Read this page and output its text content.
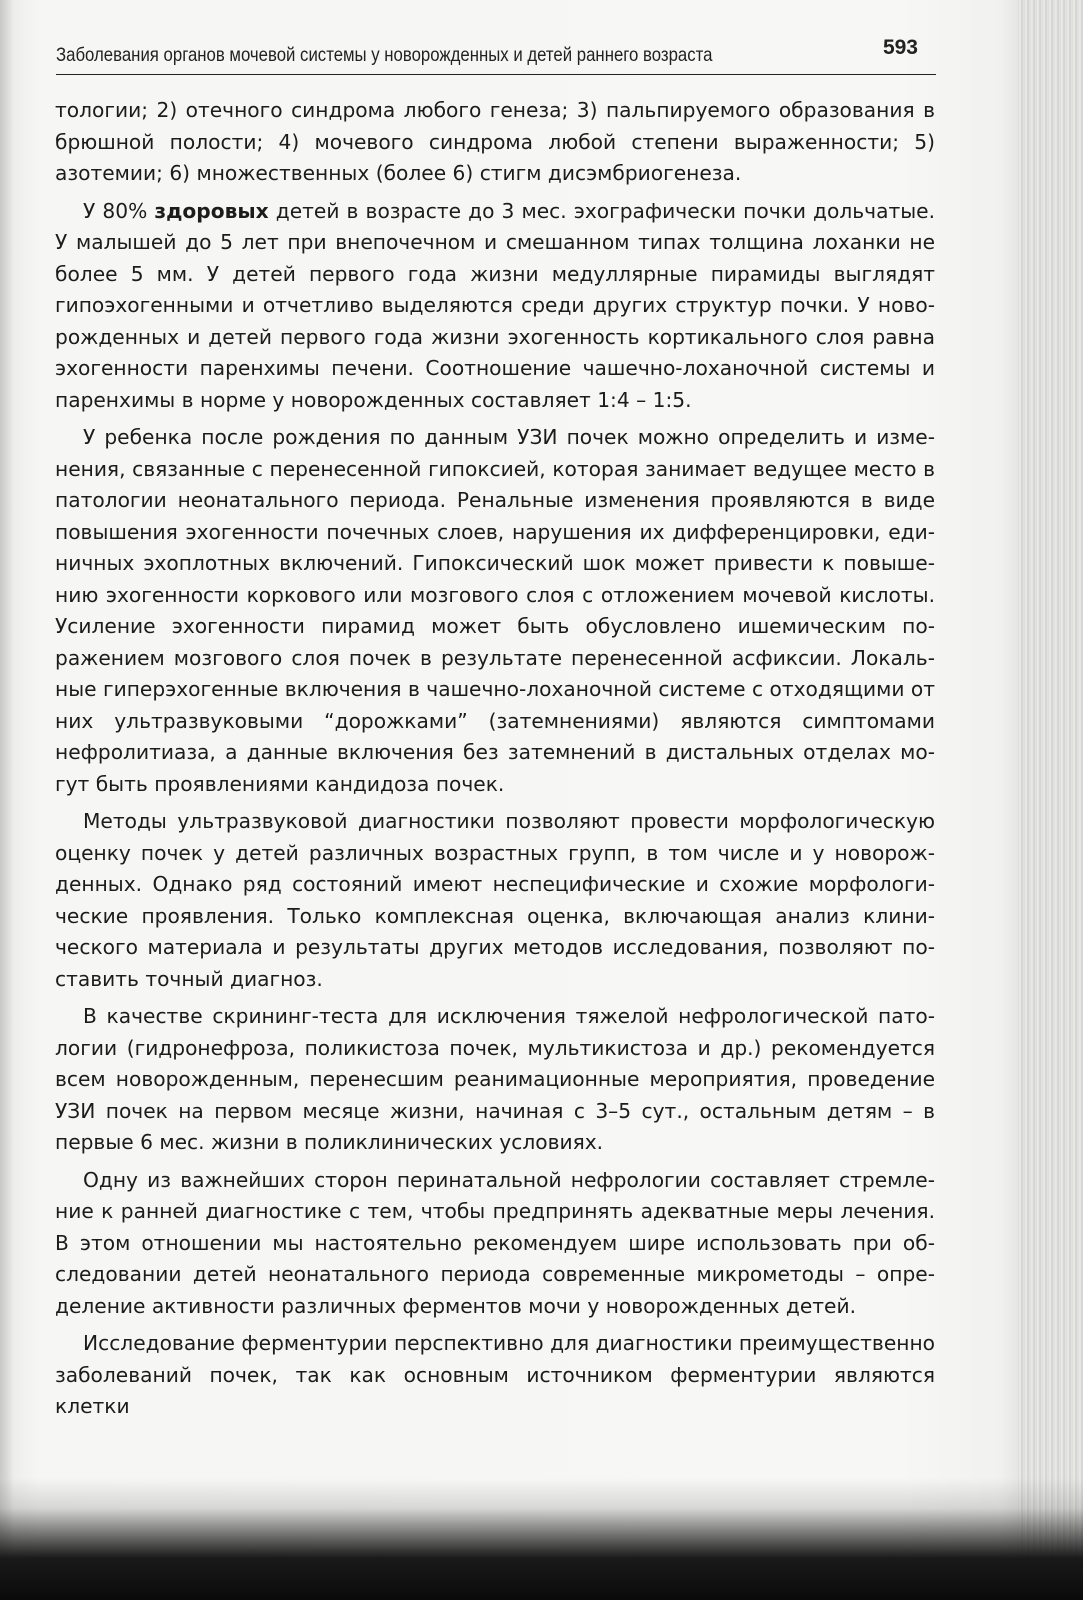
Заболевания органов мочевой системы у новорожденных и детей раннего возраста	593

тологии; 2) отечного синдрома любого генеза; 3) пальпируемого образования в брюшной полости; 4) мочевого синдрома любой степени выраженности; 5) азотемии; 6) множественных (более 6) стигм дисэмбриогенеза.

У 80% здоровых детей в возрасте до 3 мес. эхографически почки дольчатые. У малышей до 5 лет при внепочечном и смешанном типах толщина лоханки не более 5 мм. У детей первого года жизни медуллярные пирамиды выглядят гипоэхогенными и отчетливо выделяются среди других структур почки. У новорожденных и детей первого года жизни эхогенность кортикального слоя равна эхогенности паренхимы печени. Соотношение чашечно-лоханочной системы и паренхимы в норме у новорожденных составляет 1:4 – 1:5.

У ребенка после рождения по данным УЗИ почек можно определить и изменения, связанные с перенесенной гипоксией, которая занимает ведущее место в патологии неонатального периода. Ренальные изменения проявляются в виде повышения эхогенности почечных слоев, нарушения их дифференцировки, единичных эхоплотных включений. Гипоксический шок может привести к повышению эхогенности коркового или мозгового слоя с отложением мочевой кислоты. Усиление эхогенности пирамид может быть обусловлено ишемическим поражением мозгового слоя почек в результате перенесенной асфиксии. Локальные гиперэхогенные включения в чашечно-лоханочной системе с отходящими от них ультразвуковыми “дорожками” (затемнениями) являются симптомами нефролитиаза, а данные включения без затемнений в дистальных отделах могут быть проявлениями кандидоза почек.

Методы ультразвуковой диагностики позволяют провести морфологическую оценку почек у детей различных возрастных групп, в том числе и у новорожденных. Однако ряд состояний имеют неспецифические и схожие морфологические проявления. Только комплексная оценка, включающая анализ клинического материала и результаты других методов исследования, позволяют поставить точный диагноз.

В качестве скрининг-теста для исключения тяжелой нефрологической патологии (гидронефроза, поликистоза почек, мультикистоза и др.) рекомендуется всем новорожденным, перенесшим реанимационные мероприятия, проведение УЗИ почек на первом месяце жизни, начиная с 3–5 сут., остальным детям – в первые 6 мес. жизни в поликлинических условиях.

Одну из важнейших сторон перинатальной нефрологии составляет стремление к ранней диагностике с тем, чтобы предпринять адекватные меры лечения. В этом отношении мы настоятельно рекомендуем шире использовать при обследовании детей неонатального периода современные микрометоды – определение активности различных ферментов мочи у новорожденных детей.

Исследование ферментурии перспективно для диагностики преимущественно заболеваний почек, так как основным источником ферментурии являются клетки
